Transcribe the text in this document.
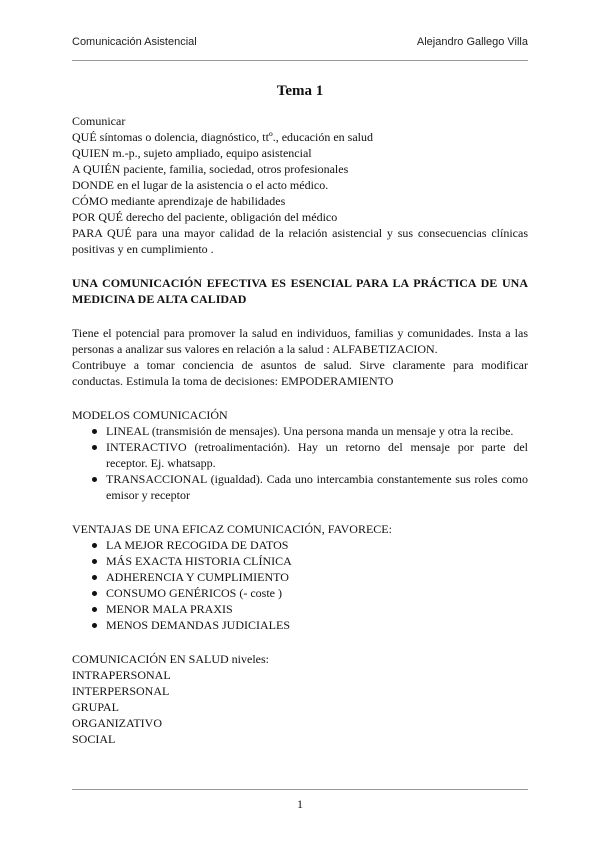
Comunicación Asistencial	Alejandro Gallego Villa

Tema 1

Comunicar

QUÉ síntomas o dolencia, diagnóstico, ttº., educación en salud

QUIEN m.-p., sujeto ampliado, equipo asistencial

A QUIÉN paciente, familia, sociedad, otros profesionales

DONDE en el lugar de la asistencia o el acto médico.

CÓMO mediante aprendizaje de habilidades

POR QUÉ derecho del paciente, obligación del médico

PARA QUÉ para una mayor calidad de la relación asistencial y sus consecuencias clínicas positivas y en cumplimiento .

UNA COMUNICACIÓN EFECTIVA ES ESENCIAL PARA LA PRÁCTICA DE UNA MEDICINA DE ALTA CALIDAD

Tiene el potencial para promover la salud en individuos, familias y comunidades. Insta a las personas a analizar sus valores en relación a la salud : ALFABETIZACION.

Contribuye a tomar conciencia de asuntos de salud. Sirve claramente para modificar conductas. Estimula la toma de decisiones: EMPODERAMIENTO

MODELOS COMUNICACIÓN

LINEAL (transmisión de mensajes). Una persona manda un mensaje y otra la recibe.
INTERACTIVO (retroalimentación). Hay un retorno del mensaje por parte del receptor. Ej. whatsapp.
TRANSACCIONAL (igualdad). Cada uno intercambia constantemente sus roles como emisor y receptor

VENTAJAS DE UNA EFICAZ COMUNICACIÓN, FAVORECE:

LA MEJOR RECOGIDA DE DATOS
MÁS EXACTA HISTORIA CLÍNICA
ADHERENCIA Y CUMPLIMIENTO
CONSUMO GENÉRICOS (- coste )
MENOR MALA PRAXIS
MENOS DEMANDAS JUDICIALES

COMUNICACIÓN EN SALUD niveles:

INTRAPERSONAL

INTERPERSONAL

GRUPAL

ORGANIZATIVO

SOCIAL

1
